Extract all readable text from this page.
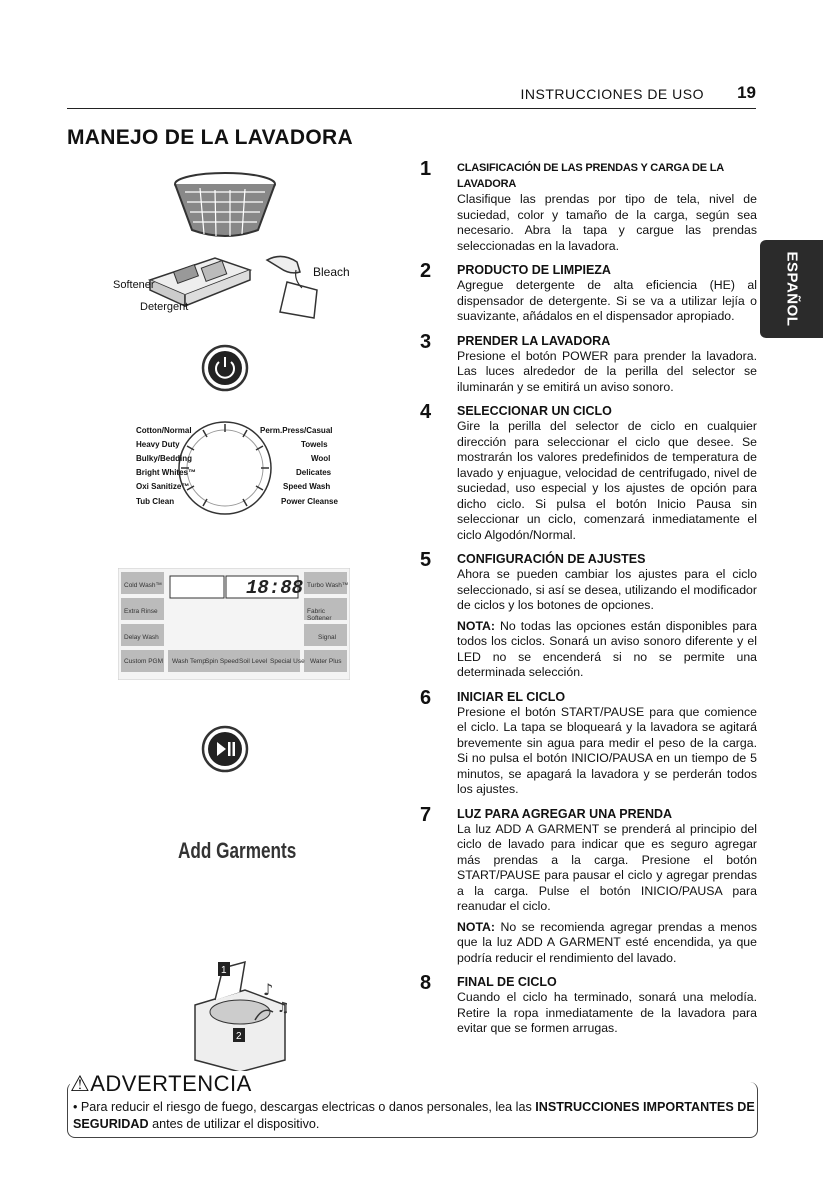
INSTRUCCIONES DE USO 19
MANEJO DE LA LAVADORA
ESPAÑOL
Softener
Detergent
Bleach
Cotton/Normal
Heavy Duty
Bulky/Bedding
Bright Whites™
Oxi Sanitize™
Tub Clean
Perm.Press/Casual
Towels
Wool
Delicates
Speed Wash
Power Cleanse
Cold Wash™
Extra Rinse
Delay Wash
Custom PGM
Turbo Wash™
Fabric Softener
Signal
Water Plus
Wash Temp.
Spin Speed Soil Level Special Use
18:88
Add Garments
1
2
♪
♫
1 CLASIFICACIÓN DE LAS PRENDAS Y CARGA DE LA LAVADORA

Clasifique las prendas por tipo de tela, nivel de suciedad, color y tamaño de la carga, según sea necesario. Abra la tapa y cargue las prendas seleccionadas en la lavadora.

2 PRODUCTO DE LIMPIEZA

Agregue detergente de alta eficiencia (HE) al dispensador de detergente. Si se va a utilizar lejía o suavizante, añádalos en el dispensador apropiado.

3 PRENDER LA LAVADORA

Presione el botón POWER para prender la lavadora. Las luces alrededor de la perilla del selector se iluminarán y se emitirá un aviso sonoro.

4 SELECCIONAR UN CICLO

Gire la perilla del selector de ciclo en cualquier dirección para seleccionar el ciclo que desee. Se mostrarán los valores predefinidos de temperatura de lavado y enjuague, velocidad de centrifugado, nivel de suciedad, uso especial y los ajustes de opción para dicho ciclo. Si pulsa el botón Inicio Pausa sin seleccionar un ciclo, comenzará inmediatamente el ciclo Algodón/Normal.

5 CONFIGURACIÓN DE AJUSTES

Ahora se pueden cambiar los ajustes para el ciclo seleccionado, si así se desea, utilizando el modificador de ciclos y los botones de opciones.

NOTA: No todas las opciones están disponibles para todos los ciclos. Sonará un aviso sonoro diferente y el LED no se encenderá si no se permite una determinada selección.

6 INICIAR EL CICLO

Presione el botón START/PAUSE para que comience el ciclo. La tapa se bloqueará y la lavadora se agitará brevemente sin agua para medir el peso de la carga. Si no pulsa el botón INICIO/PAUSA en un tiempo de 5 minutos, se apagará la lavadora y se perderán todos los ajustes.

7 LUZ PARA AGREGAR UNA PRENDA

La luz ADD A GARMENT se prenderá al principio del ciclo de lavado para indicar que es seguro agregar más prendas a la carga. Presione el botón START/PAUSE para pausar el ciclo y agregar prendas a la carga. Pulse el botón INICIO/PAUSA para reanudar el ciclo.

NOTA: No se recomienda agregar prendas a menos que la luz ADD A GARMENT esté encendida, ya que podría reducir el rendimiento del lavado.

8 FINAL DE CICLO

Cuando el ciclo ha terminado, sonará una melodía. Retire la ropa inmediatamente de la lavadora para evitar que se formen arrugas.

⚠ADVERTENCIA
• Para reducir el riesgo de fuego, descargas electricas o danos personales, lea las INSTRUCCIONES IMPORTANTES DE SEGURIDAD antes de utilizar el dispositivo.
